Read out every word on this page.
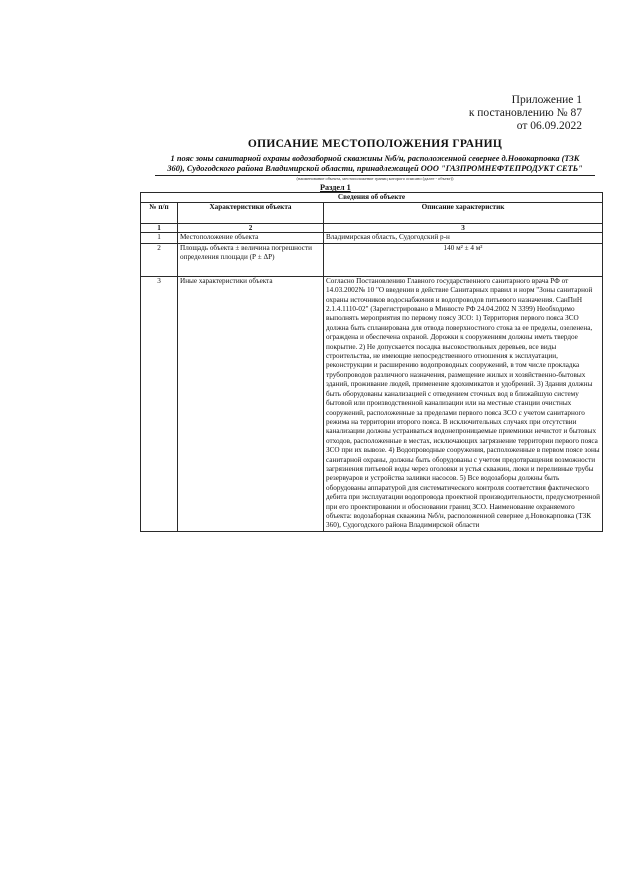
Приложение 1
к постановлению № 87
от 06.09.2022
ОПИСАНИЕ МЕСТОПОЛОЖЕНИЯ ГРАНИЦ
1 пояс зоны санитарной охраны водозаборной скважины №б/н, расположенной севернее д.Новокарповка (ТЗК
360), Судогодского района Владимирской области, принадлежащей ООО "ГАЗПРОМНЕФТЕПРОДУКТ СЕТЬ"
(наименование объекта, местоположение границ которого описано (далее - объект))
Раздел 1
Сведения об объекте		
№ п/п	Характеристики объекта	Описание характеристик
1	2	3
1	Местоположение объекта	Владимирская область, Судогодский р-н
2	Площадь объекта ± величина погрешности определения площади (Р ± ΔР)	140 м² ± 4 м²
3	Иные характеристики объекта	Согласно Постановлению Главного государственного санитарного врача РФ от 14.03.2002№ 10 "О введении в действие Санитарных правил и норм "Зоны санитарной охраны источников водоснабжения и водопроводов питьевого назначения. СанПиН 2.1.4.1110-02" (Зарегистрировано в Минюсте РФ 24.04.2002 N 3399) Необходимо выполнять мероприятия по первому поясу ЗСО: 1) Территория первого пояса ЗСО должна быть спланирована для отвода поверхностного стока за ее пределы, озеленена, ограждена и обеспечена охраной. Дорожки к сооружениям должны иметь твердое покрытие. 2) Не допускается посадка высокоствольных деревьев, все виды строительства, не имеющие непосредственного отношения к эксплуатации, реконструкции и расширению водопроводных сооружений, в том числе прокладка трубопроводов различного назначения, размещение жилых и хозяйственно-бытовых зданий, проживание людей, применение ядохимикатов и удобрений. 3) Здания должны быть оборудованы канализацией с отведением сточных вод в ближайшую систему бытовой или производственной канализации или на местные станции очистных сооружений, расположенные за пределами первого пояса ЗСО с учетом санитарного режима на территории второго пояса. В исключительных случаях при отсутствии канализации должны устраиваться водонепроницаемые приемники нечистот и бытовых отходов, расположенные в местах, исключающих загрязнение территории первого пояса ЗСО при их вывозе. 4) Водопроводные сооружения, расположенные в первом поясе зоны санитарной охраны, должны быть оборудованы с учетом предотвращения возможности загрязнения питьевой воды через оголовки и устья скважин, люки и переливные трубы резервуаров и устройства заливки насосов. 5) Все водозаборы должны быть оборудованы аппаратурой для систематического контроля соответствия фактического дебита при эксплуатации водопровода проектной производительности, предусмотренной при его проектировании и обосновании границ ЗСО. Наименование охраняемого объекта: водозаборная скважина №б/н, расположенной севернее д.Новокарповка (ТЗК 360), Судогодского района Владимирской области
